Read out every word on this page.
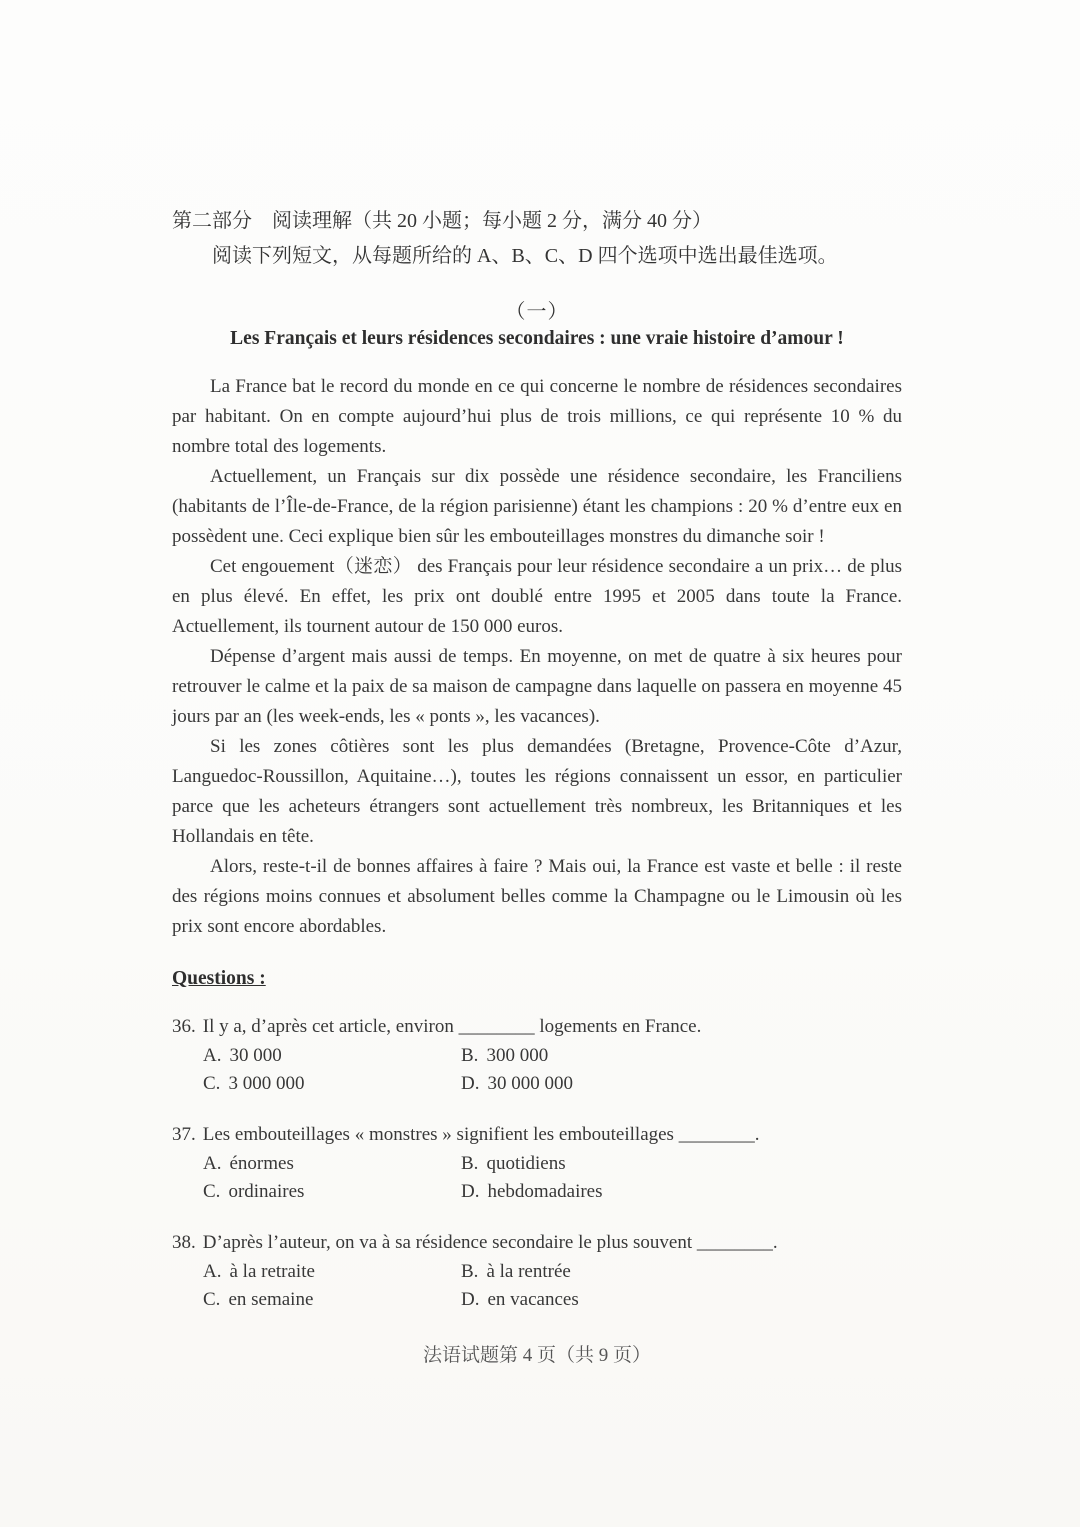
第二部分　阅读理解（共 20 小题；每小题 2 分，满分 40 分）
阅读下列短文，从每题所给的 A、B、C、D 四个选项中选出最佳选项。
（一）
Les Français et leurs résidences secondaires : une vraie histoire d’amour !

La France bat le record du monde en ce qui concerne le nombre de résidences secondaires par habitant. On en compte aujourd’hui plus de trois millions, ce qui représente 10 % du nombre total des logements.

Actuellement, un Français sur dix possède une résidence secondaire, les Franciliens (habitants de l’Île-de-France, de la région parisienne) étant les champions : 20 % d’entre eux en possèdent une. Ceci explique bien sûr les embouteillages monstres du dimanche soir !

Cet engouement（迷恋） des Français pour leur résidence secondaire a un prix… de plus en plus élevé. En effet, les prix ont doublé entre 1995 et 2005 dans toute la France. Actuellement, ils tournent autour de 150 000 euros.

Dépense d’argent mais aussi de temps. En moyenne, on met de quatre à six heures pour retrouver le calme et la paix de sa maison de campagne dans laquelle on passera en moyenne 45 jours par an (les week-ends, les « ponts », les vacances).

Si les zones côtières sont les plus demandées (Bretagne, Provence-Côte d’Azur, Languedoc-Roussillon, Aquitaine…), toutes les régions connaissent un essor, en particulier parce que les acheteurs étrangers sont actuellement très nombreux, les Britanniques et les Hollandais en tête.

Alors, reste-t-il de bonnes affaires à faire ? Mais oui, la France est vaste et belle : il reste des régions moins connues et absolument belles comme la Champagne ou le Limousin où les prix sont encore abordables.

Questions :
36. Il y a, d’après cet article, environ ________ logements en France.
A. 30 000	B. 300 000
C. 3 000 000	D. 30 000 000
37. Les embouteillages « monstres » signifient les embouteillages ________.
A. énormes	B. quotidiens
C. ordinaires	D. hebdomadaires
38. D’après l’auteur, on va à sa résidence secondaire le plus souvent ________.
A. à la retraite	B. à la rentrée
C. en semaine	D. en vacances
法语试题第 4 页（共 9 页）
